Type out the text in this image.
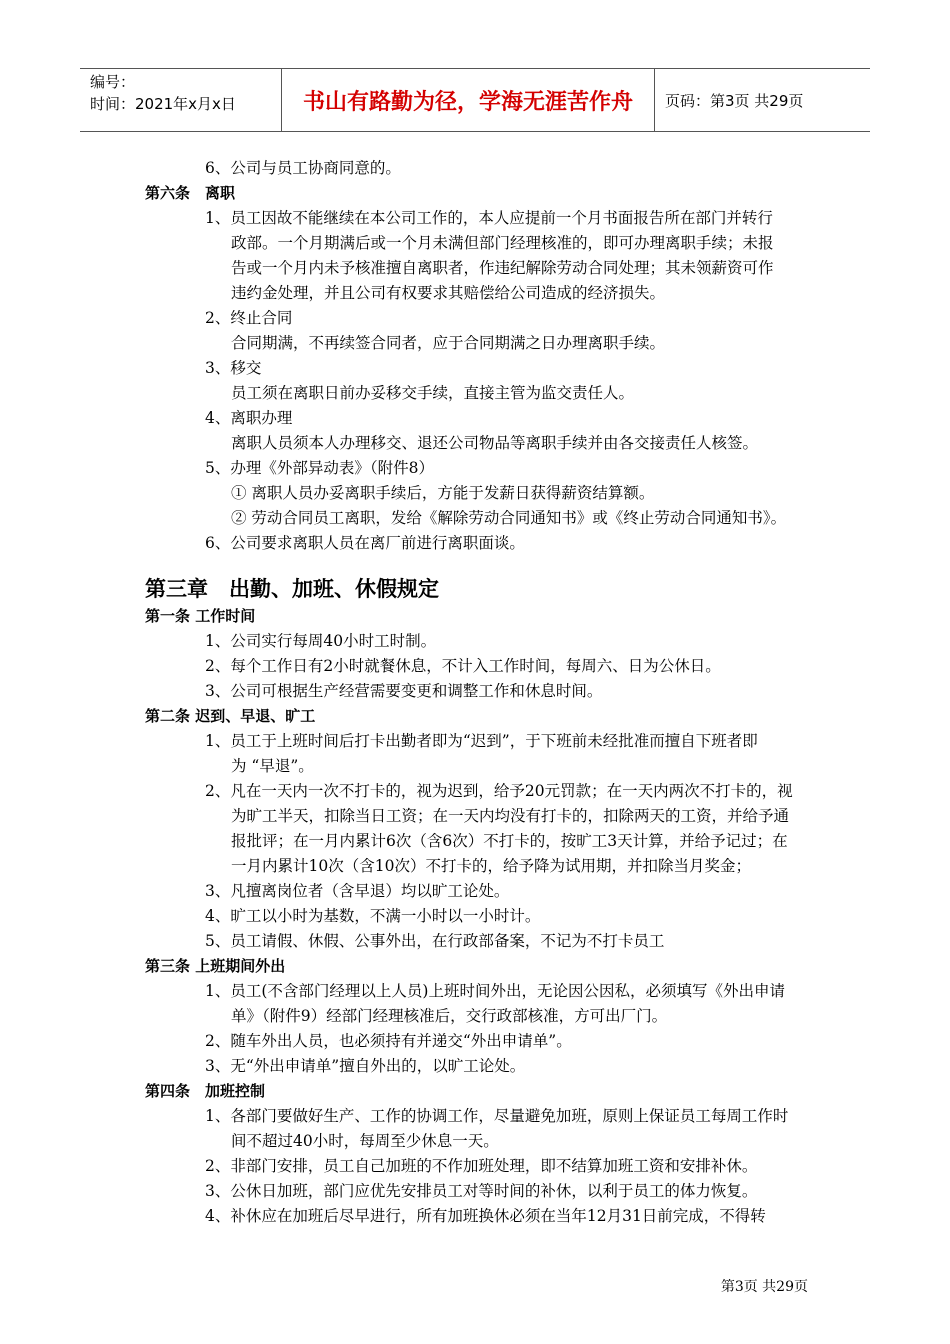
编号：
时间：2021年x月x日	书山有路勤为径，学海无涯苦作舟	页码：第3页 共29页
6、公司与员工协商同意的。
第六条　离职
1、员工因故不能继续在本公司工作的，本人应提前一个月书面报告所在部门并转行
政部。一个月期满后或一个月未满但部门经理核准的，即可办理离职手续；未报
告或一个月内未予核准擅自离职者，作违纪解除劳动合同处理；其未领薪资可作
违约金处理，并且公司有权要求其赔偿给公司造成的经济损失。
2、终止合同
合同期满，不再续签合同者，应于合同期满之日办理离职手续。
3、移交
员工须在离职日前办妥移交手续，直接主管为监交责任人。
4、离职办理
离职人员须本人办理移交、退还公司物品等离职手续并由各交接责任人核签。
5、办理《外部异动表》（附件8）
① 离职人员办妥离职手续后，方能于发薪日获得薪资结算额。
② 劳动合同员工离职，发给《解除劳动合同通知书》或《终止劳动合同通知书》。
6、公司要求离职人员在离厂前进行离职面谈。
第三章　出勤、加班、休假规定
第一条 工作时间
1、公司实行每周40小时工时制。
2、每个工作日有2小时就餐休息，不计入工作时间，每周六、日为公休日。
3、公司可根据生产经营需要变更和调整工作和休息时间。
第二条 迟到、早退、旷工
1、员工于上班时间后打卡出勤者即为“迟到”，于下班前未经批准而擅自下班者即
为 “早退”。
2、凡在一天内一次不打卡的，视为迟到，给予20元罚款；在一天内两次不打卡的，视
为旷工半天，扣除当日工资；在一天内均没有打卡的，扣除两天的工资，并给予通
报批评；在一月内累计6次（含6次）不打卡的，按旷工3天计算，并给予记过；在
一月内累计10次（含10次）不打卡的，给予降为试用期，并扣除当月奖金；
3、凡擅离岗位者（含早退）均以旷工论处。
4、旷工以小时为基数，不满一小时以一小时计。
5、员工请假、休假、公事外出，在行政部备案，不记为不打卡员工
第三条 上班期间外出
1、员工(不含部门经理以上人员)上班时间外出，无论因公因私，必须填写《外出申请
单》（附件9）经部门经理核准后，交行政部核准，方可出厂门。
2、随车外出人员，也必须持有并递交“外出申请单”。
3、无“外出申请单”擅自外出的，以旷工论处。
第四条　加班控制
1、各部门要做好生产、工作的协调工作，尽量避免加班，原则上保证员工每周工作时
间不超过40小时，每周至少休息一天。
2、非部门安排，员工自己加班的不作加班处理，即不结算加班工资和安排补休。
3、公休日加班，部门应优先安排员工对等时间的补休，以利于员工的体力恢复。
4、补休应在加班后尽早进行，所有加班换休必须在当年12月31日前完成，不得转
第3页 共29页
